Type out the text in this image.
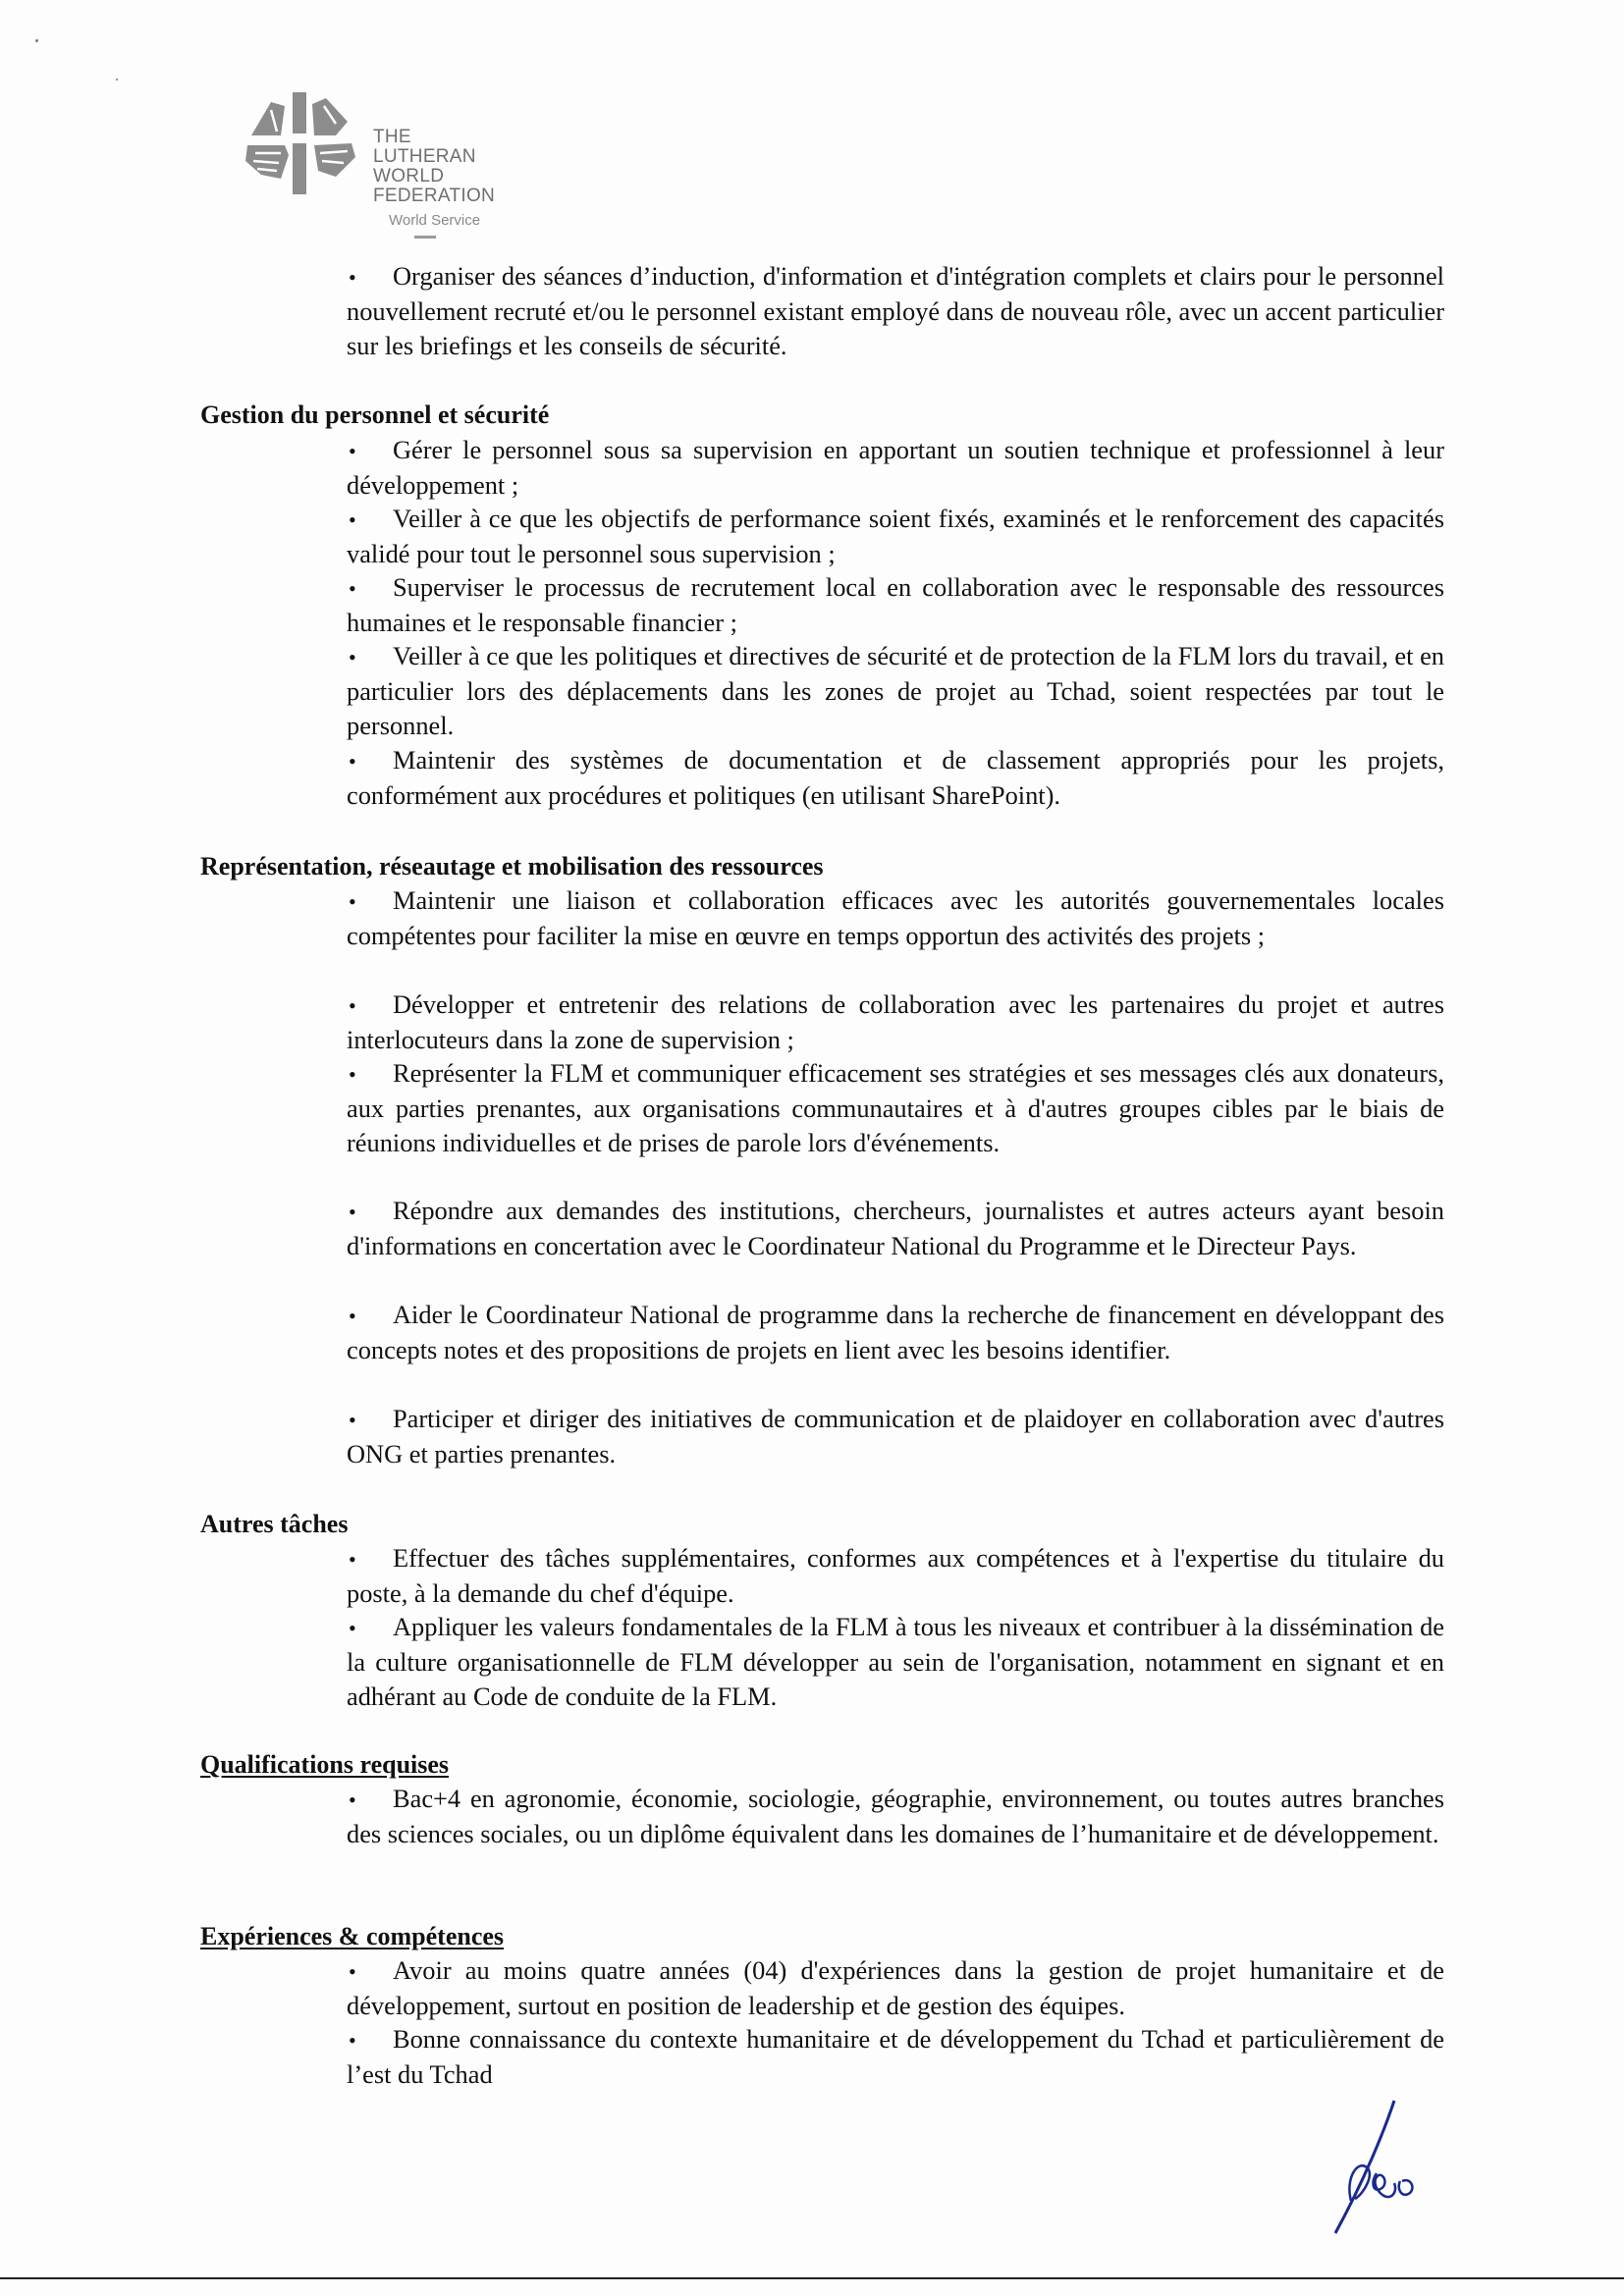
THE
LUTHERAN
WORLD
FEDERATION
World Service
•Organiser des séances d’induction, d'information et d'intégration complets et clairs pour le personnel nouvellement recruté et/ou le personnel existant employé dans de nouveau rôle, avec un accent particulier sur les briefings et les conseils de sécurité.
Gestion du personnel et sécurité
•Gérer le personnel sous sa supervision en apportant un soutien technique et professionnel à leur développement ;
•Veiller à ce que les objectifs de performance soient fixés, examinés et le renforcement des capacités validé pour tout le personnel sous supervision ;
•Superviser le processus de recrutement local en collaboration avec le responsable des ressources humaines et le responsable financier ;
•Veiller à ce que les politiques et directives de sécurité et de protection de la FLM lors du travail, et en particulier lors des déplacements dans les zones de projet au Tchad, soient respectées par tout le personnel.
•Maintenir des systèmes de documentation et de classement appropriés pour les projets, conformément aux procédures et politiques (en utilisant SharePoint).
Représentation, réseautage et mobilisation des ressources
•Maintenir une liaison et collaboration efficaces avec les autorités gouvernementales locales compétentes pour faciliter la mise en œuvre en temps opportun des activités des projets ;
•Développer et entretenir des relations de collaboration avec les partenaires du projet et autres interlocuteurs dans la zone de supervision ;
•Représenter la FLM et communiquer efficacement ses stratégies et ses messages clés aux donateurs, aux parties prenantes, aux organisations communautaires et à d'autres groupes cibles par le biais de réunions individuelles et de prises de parole lors d'événements.
•Répondre aux demandes des institutions, chercheurs, journalistes et autres acteurs ayant besoin d'informations en concertation avec le Coordinateur National du Programme et le Directeur Pays.
•Aider le Coordinateur National de programme dans la recherche de financement en développant des concepts notes et des propositions de projets en lient avec les besoins identifier.
•Participer et diriger des initiatives de communication et de plaidoyer en collaboration avec d'autres ONG et parties prenantes.
Autres tâches
•Effectuer des tâches supplémentaires, conformes aux compétences et à l'expertise du titulaire du poste, à la demande du chef d'équipe.
•Appliquer les valeurs fondamentales de la FLM à tous les niveaux et contribuer à la dissémination de la culture organisationnelle de FLM développer au sein de l'organisation, notamment en signant et en adhérant au Code de conduite de la FLM.
Qualifications requises
•Bac+4 en agronomie, économie, sociologie, géographie, environnement, ou toutes autres branches des sciences sociales, ou un diplôme équivalent dans les domaines de l’humanitaire et de développement.
Expériences & compétences
•Avoir au moins quatre années (04) d'expériences dans la gestion de projet humanitaire et de développement, surtout en position de leadership et de gestion des équipes.
•Bonne connaissance du contexte humanitaire et de développement du Tchad et particulièrement de l’est du Tchad
